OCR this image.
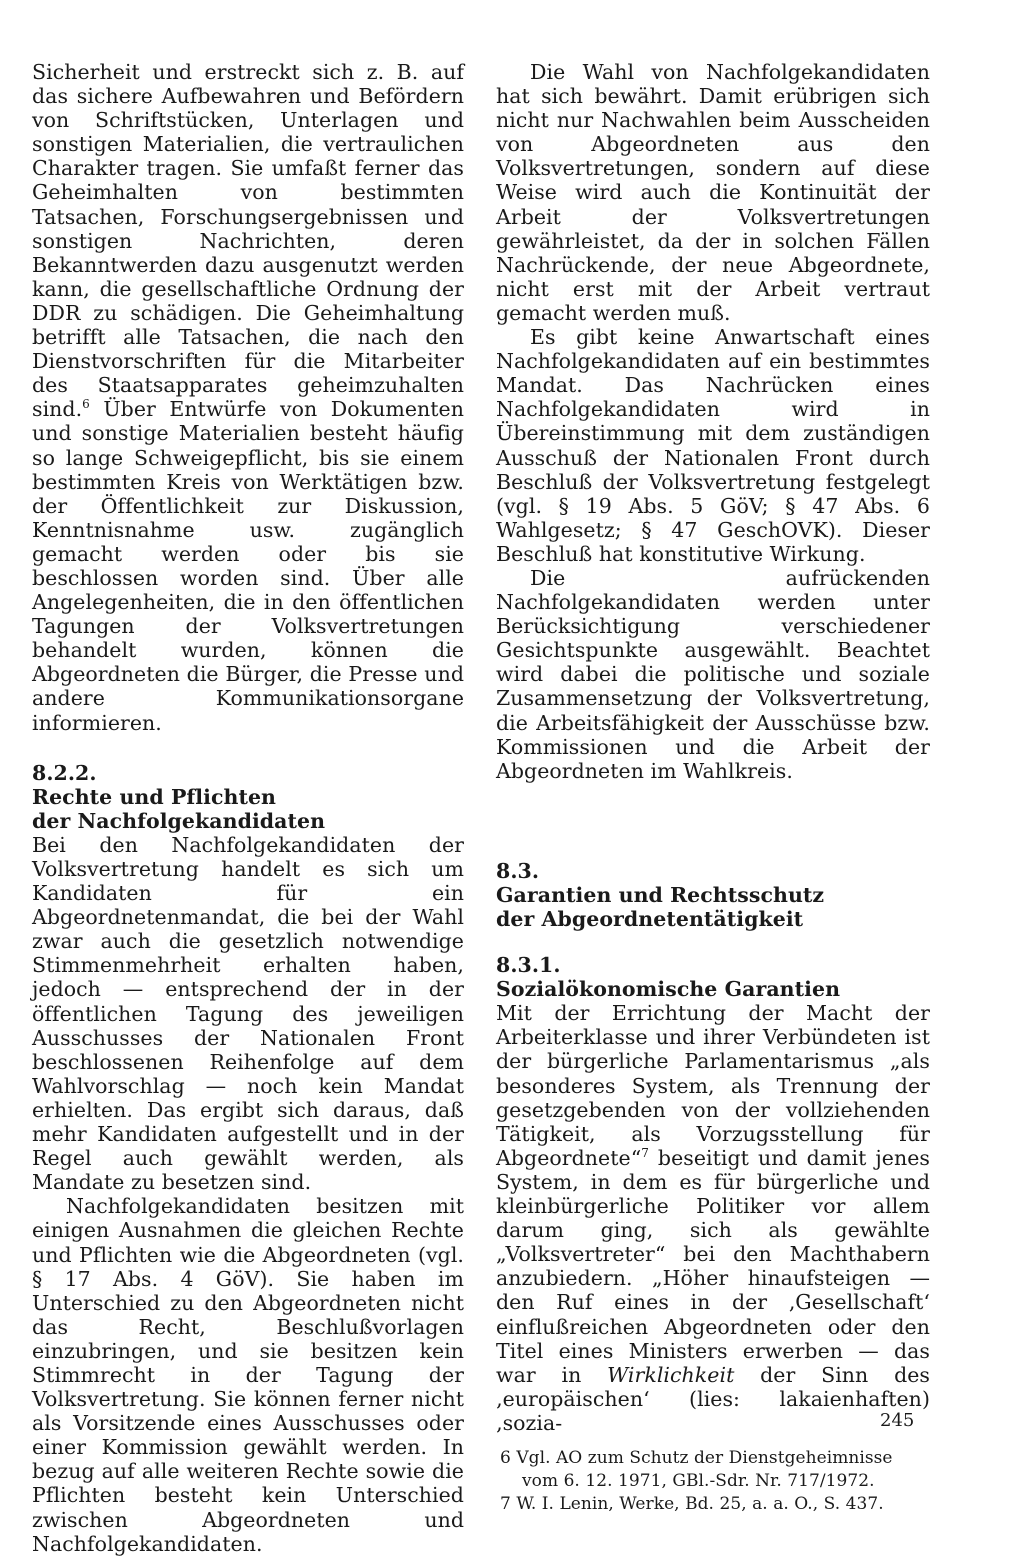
Sicherheit und erstreckt sich z. B. auf das sichere Aufbewahren und Befördern von Schriftstücken, Unterlagen und sonstigen Materialien, die vertraulichen Charakter tragen. Sie umfaßt ferner das Geheimhalten von bestimmten Tatsachen, Forschungsergebnissen und sonstigen Nachrichten, deren Bekanntwerden dazu ausgenutzt werden kann, die gesellschaftliche Ordnung der DDR zu schädigen. Die Geheimhaltung betrifft alle Tatsachen, die nach den Dienstvorschriften für die Mitarbeiter des Staatsapparates geheimzuhalten sind.$^6$ Über Entwürfe von Dokumenten und sonstige Materialien besteht häufig so lange Schweigepflicht, bis sie einem bestimmten Kreis von Werktätigen bzw. der Öffentlichkeit zur Diskussion, Kenntnisnahme usw. zugänglich gemacht werden oder bis sie beschlossen worden sind. Über alle Angelegenheiten, die in den öffentlichen Tagungen der Volksvertretungen behandelt wurden, können die Abgeordneten die Bürger, die Presse und andere Kommunikationsorgane informieren.

8.2.2.

Rechte und Pflichten

der Nachfolgekandidaten

Bei den Nachfolgekandidaten der Volksvertretung handelt es sich um Kandidaten für ein Abgeordnetenmandat, die bei der Wahl zwar auch die gesetzlich notwendige Stimmenmehrheit erhalten haben, jedoch — entsprechend der in der öffentlichen Tagung des jeweiligen Ausschusses der Nationalen Front beschlossenen Reihenfolge auf dem Wahlvorschlag — noch kein Mandat erhielten. Das ergibt sich daraus, daß mehr Kandidaten aufgestellt und in der Regel auch gewählt werden, als Mandate zu besetzen sind.

Nachfolgekandidaten besitzen mit einigen Ausnahmen die gleichen Rechte und Pflichten wie die Abgeordneten (vgl. § 17 Abs. 4 GöV). Sie haben im Unterschied zu den Abgeordneten nicht das Recht, Beschlußvorlagen einzubringen, und sie besitzen kein Stimmrecht in der Tagung der Volksvertretung. Sie können ferner nicht als Vorsitzende eines Ausschusses oder einer Kommission gewählt werden. In bezug auf alle weiteren Rechte sowie die Pflichten besteht kein Unterschied zwischen Abgeordneten und Nachfolgekandidaten.

Die Wahl von Nachfolgekandidaten hat sich bewährt. Damit erübrigen sich nicht nur Nachwahlen beim Ausscheiden von Abgeordneten aus den Volksvertretungen, sondern auf diese Weise wird auch die Kontinuität der Arbeit der Volksvertretungen gewährleistet, da der in solchen Fällen Nachrückende, der neue Abgeordnete, nicht erst mit der Arbeit vertraut gemacht werden muß.

Es gibt keine Anwartschaft eines Nachfolgekandidaten auf ein bestimmtes Mandat. Das Nachrücken eines Nachfolgekandidaten wird in Übereinstimmung mit dem zuständigen Ausschuß der Nationalen Front durch Beschluß der Volksvertretung festgelegt (vgl. § 19 Abs. 5 GöV; § 47 Abs. 6 Wahlgesetz; § 47 GeschOVK). Dieser Beschluß hat konstitutive Wirkung.

Die aufrückenden Nachfolgekandidaten werden unter Berücksichtigung verschiedener Gesichtspunkte ausgewählt. Beachtet wird dabei die politische und soziale Zusammensetzung der Volksvertretung, die Arbeitsfähigkeit der Ausschüsse bzw. Kommissionen und die Arbeit der Abgeordneten im Wahlkreis.

8.3.

Garantien und Rechtsschutz

der Abgeordnetentätigkeit

8.3.1.

Sozialökonomische Garantien

Mit der Errichtung der Macht der Arbeiterklasse und ihrer Verbündeten ist der bürgerliche Parlamentarismus „als besonderes System, als Trennung der gesetzgebenden von der vollziehenden Tätigkeit, als Vorzugsstellung für Abgeordnete“$^7$ beseitigt und damit jenes System, in dem es für bürgerliche und kleinbürgerliche Politiker vor allem darum ging, sich als gewählte „Volksvertreter“ bei den Machthabern anzubiedern. „Höher hinaufsteigen — den Ruf eines in der ‚Gesellschaft‘ einflußreichen Abgeordneten oder den Titel eines Ministers erwerben — das war in Wirklichkeit der Sinn des ‚europäischen‘ (lies: lakaienhaften) ‚sozia-

6 Vgl. AO zum Schutz der Dienstgeheimnisse vom 6. 12. 1971, GBl.-Sdr. Nr. 717/1972.

7 W. I. Lenin, Werke, Bd. 25, a. a. O., S. 437.

245
